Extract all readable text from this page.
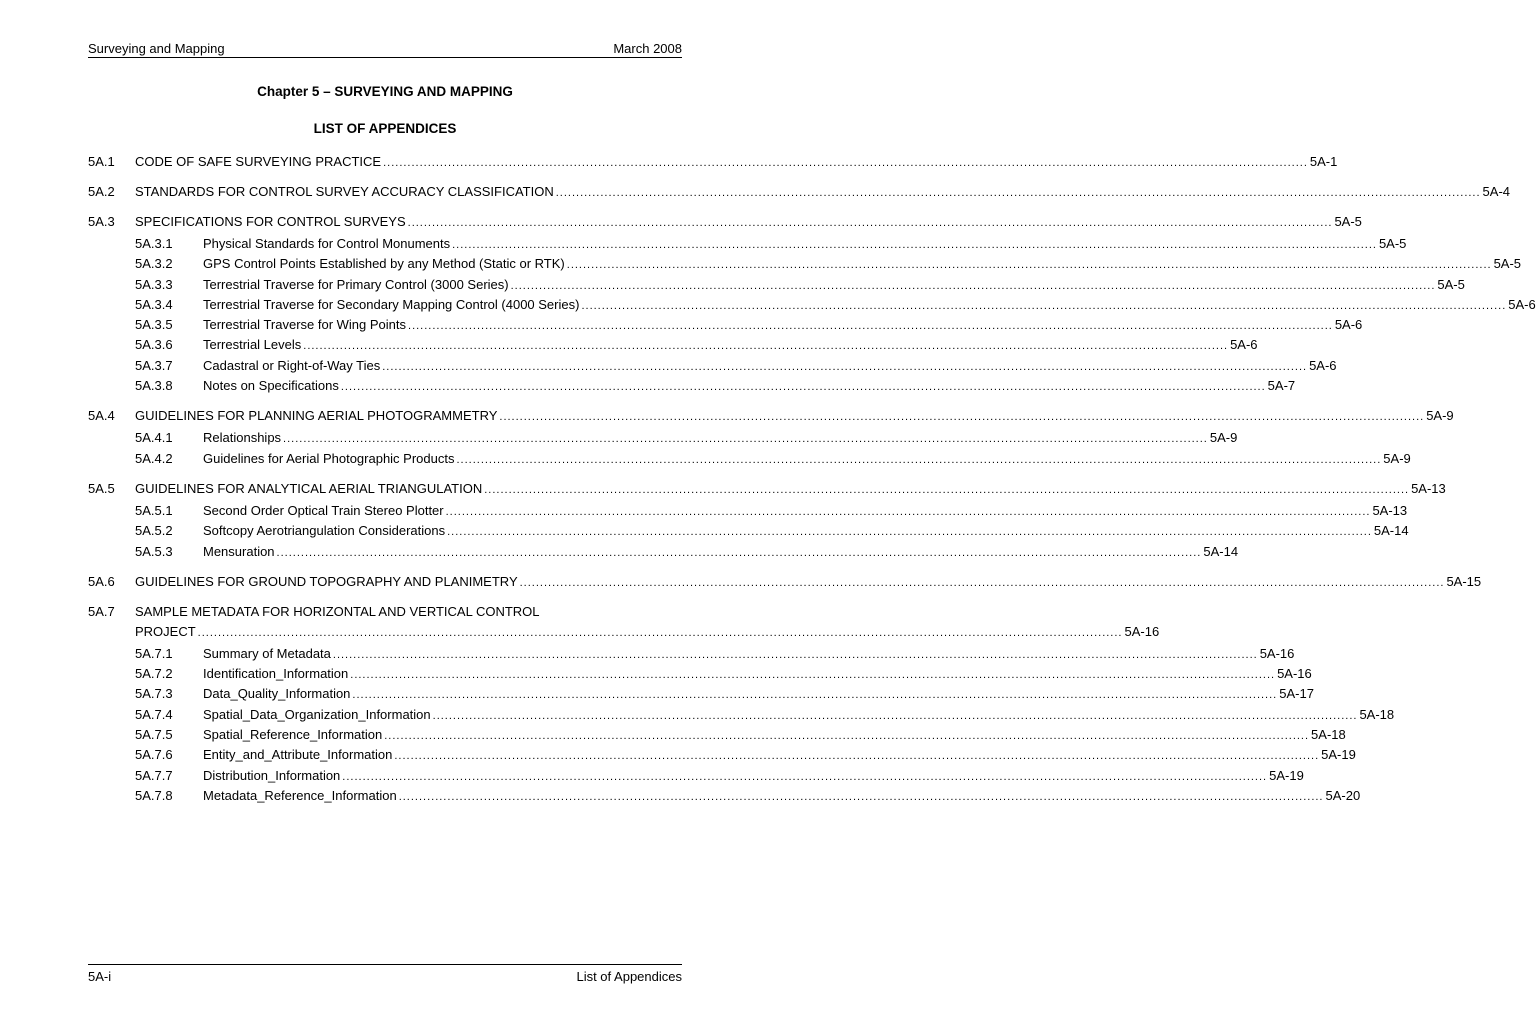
Surveying and Mapping	March 2008
Chapter 5 – SURVEYING AND MAPPING
LIST OF APPENDICES
5A.1	CODE OF SAFE SURVEYING PRACTICE .....	5A-1
5A.2	STANDARDS FOR CONTROL SURVEY ACCURACY CLASSIFICATION .....	5A-4
5A.3	SPECIFICATIONS FOR CONTROL SURVEYS .....	5A-5
5A.3.1	Physical Standards for Control Monuments .....	5A-5
5A.3.2	GPS Control Points Established by any Method (Static or RTK) .....	5A-5
5A.3.3	Terrestrial Traverse for Primary Control (3000 Series) .....	5A-5
5A.3.4	Terrestrial Traverse for Secondary Mapping Control (4000 Series) .....	5A-6
5A.3.5	Terrestrial Traverse for Wing Points .....	5A-6
5A.3.6	Terrestrial Levels .....	5A-6
5A.3.7	Cadastral or Right-of-Way Ties .....	5A-6
5A.3.8	Notes on Specifications .....	5A-7
5A.4	GUIDELINES FOR PLANNING AERIAL PHOTOGRAMMETRY .....	5A-9
5A.4.1	Relationships .....	5A-9
5A.4.2	Guidelines for Aerial Photographic Products .....	5A-9
5A.5	GUIDELINES FOR ANALYTICAL AERIAL TRIANGULATION .....	5A-13
5A.5.1	Second Order Optical Train Stereo Plotter .....	5A-13
5A.5.2	Softcopy Aerotriangulation Considerations .....	5A-14
5A.5.3	Mensuration .....	5A-14
5A.6	GUIDELINES FOR GROUND TOPOGRAPHY AND PLANIMETRY .....	5A-15
5A.7	SAMPLE METADATA FOR HORIZONTAL AND VERTICAL CONTROL
PROJECT .....	5A-16
5A.7.1	Summary of Metadata .....	5A-16
5A.7.2	Identification_Information .....	5A-16
5A.7.3	Data_Quality_Information .....	5A-17
5A.7.4	Spatial_Data_Organization_Information .....	5A-18
5A.7.5	Spatial_Reference_Information .....	5A-18
5A.7.6	Entity_and_Attribute_Information .....	5A-19
5A.7.7	Distribution_Information .....	5A-19
5A.7.8	Metadata_Reference_Information .....	5A-20
5A-i	List of Appendices
